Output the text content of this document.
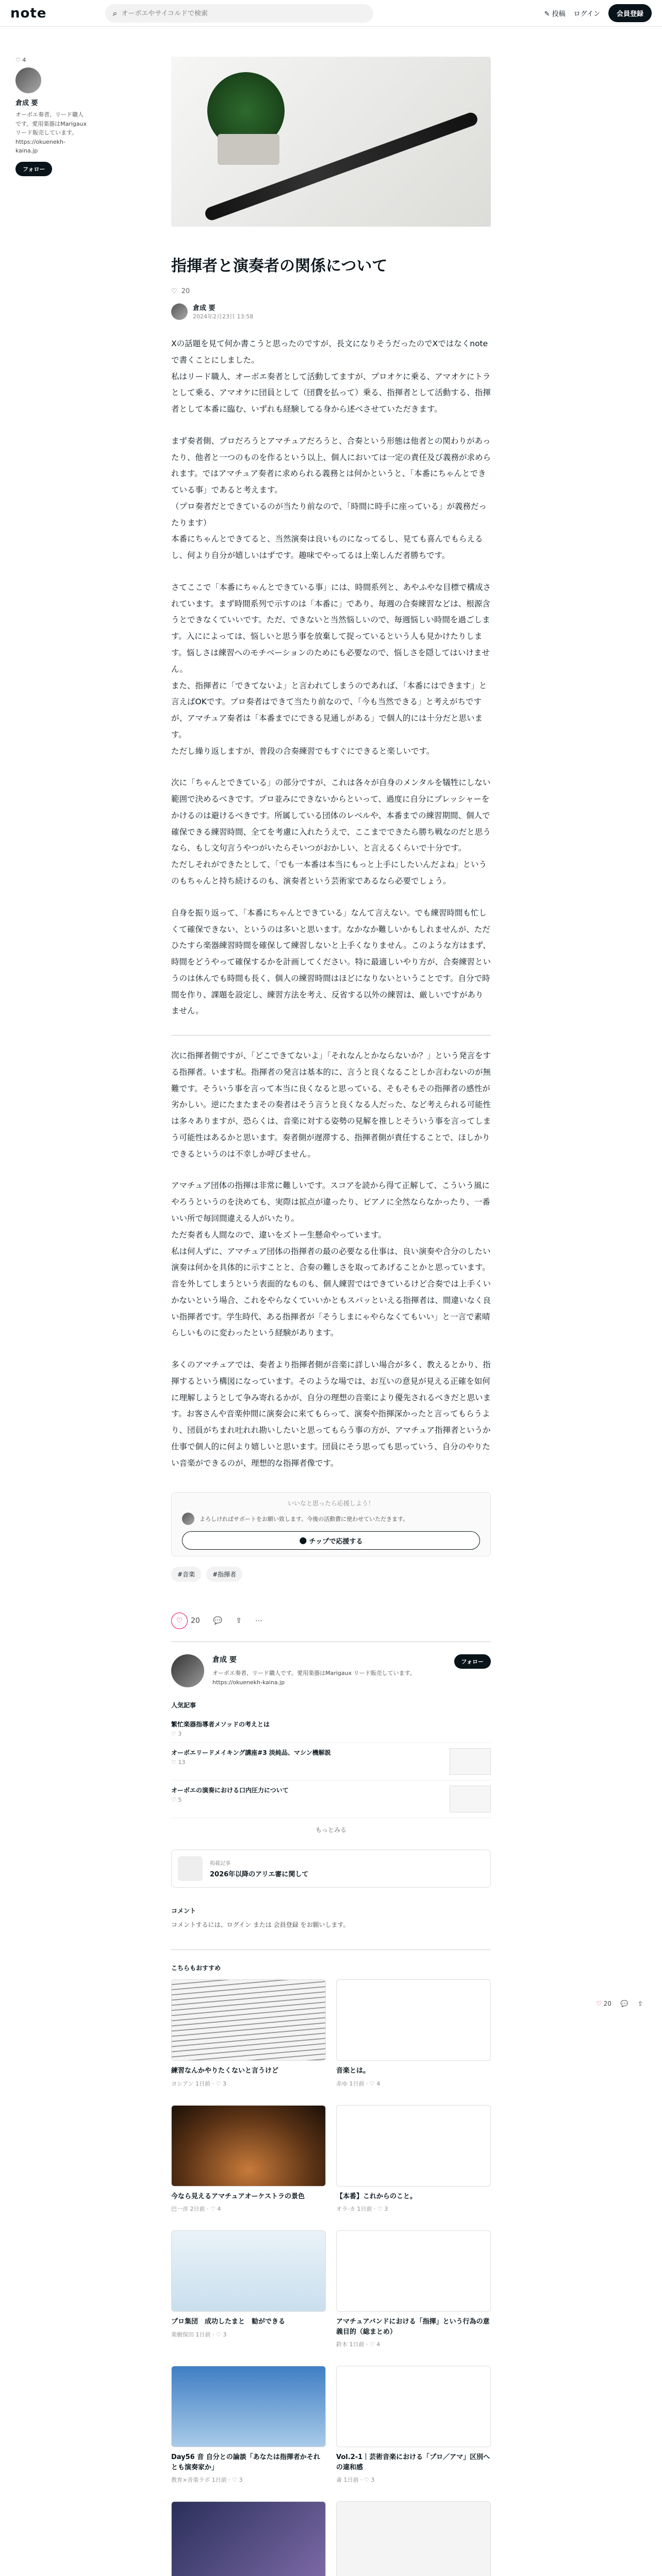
note	⌕
オーボエやサイコルドで検索	✎ 投稿 ログイン	会員登録
♡ 4
倉成 要
オーボエ奏者、リード職人です。愛用楽器はMarigaux リード販売しています。https://okuenekh-kaina.jp
フォロー
指揮者と演奏者の関係について
♡ 20
倉成 要
2024年2月23日 13:58

Xの話題を見て何か書こうと思ったのですが、長文になりそうだったのでXではなくnoteで書くことにしました。
私はリード職人、オーボエ奏者として活動してますが、プロオケに乗る、アマオケにトラとして乗る、アマオケに団員として（団費を払って）乗る、指揮者として活動する、指揮者として本番に臨む、いずれも経験してる身から述べさせていただきます。

まず奏者側、プロだろうとアマチュアだろうと、合奏という形態は他者との関わりがあったり、他者と一つのものを作るという以上、個人においては一定の責任及び義務が求められます。ではアマチュア奏者に求められる義務とは何かというと、「本番にちゃんとできている事」であると考えます。
（プロ奏者だとできているのが当たり前なので、「時間に時手に座っている」が義務だったります）
本番にちゃんとできてると、当然演奏は良いものになってるし、見ても喜んでもらえるし、何より自分が嬉しいはずです。趣味でやってるは上楽しんだ者勝ちです。

さてここで「本番にちゃんとできている事」には、時間系列と、あやふやな目標で構成されています。まず時間系列で示すのは「本番に」であり、毎週の合奏練習などは、根源含うとできなくていいです。ただ、できないと当然悩しいので、毎週悩しい時間を過ごします。入にによっては、悩しいと思う事を放棄して捉っているという人も見かけたりします。悩しさは練習へのモチベーションのためにも必要なので、悩しさを隠してはいけません。
また、指揮者に「できてないよ」と言われてしまうのであれば、「本番にはできます」と言えばOKです。プロ奏者はできて当たり前なので、「今も当然できる」と考えがちですが、アマチュア奏者は「本番までにできる見通しがある」で個人的には十分だと思います。
ただし繰り返しますが、普段の合奏練習でもすぐにできると楽しいです。

次に「ちゃんとできている」の部分ですが、これは各々が自身のメンタルを犠牲にしない範囲で決めるべきです。プロ並みにできないからといって、過度に自分にプレッシャーをかけるのは避けるべきです。所属している団体のレベルや、本番までの練習期間、個人で確保できる練習時間、全てを考慮に入れたうえで、ここまでできたら勝ち戦なのだと思うなら、もし文句言うやつがいたらそいつがおかしい、と言えるくらいで十分です。
ただしそれができたとして、「でも一本番は本当にもっと上手にしたいんだよね」というのもちゃんと持ち続けるのも、演奏者という芸術家であるなら必要でしょう。

自身を振り返って、「本番にちゃんとできている」なんて言えない。でも練習時間も忙しくて確保できない、というのは多いと思います。なかなか難しいかもしれませんが、ただひたすら楽器練習時間を確保して練習しないと上手くなりません。このような方はまず、時間をどうやって確保するかを計画してください。特に最適しいやり方が、合奏練習というのは休んでも時間も長く、個人の練習時間はほどになりないということです。自分で時間を作り、課題を設定し、練習方法を考え、反省する以外の練習は、厳しいですがありません。

次に指揮者側ですが、「どこできてないよ」「それなんとかならないか？」という発言をする指揮者。います私。指揮者の発言は基本的に、言うと良くなることしか言わないのが無難です。そういう事を言って本当に良くなると思っている、そもそもその指揮者の感性が劣かしい。逆にたまたまその奏者はそう言うと良くなる人だった、など考えられる可能性は多々ありますが、恐らくは、音楽に対する姿勢の見解を推しとそういう事を言ってしまう可能性はあるかと思います。奏者側が遅滞する、指揮者側が責任することで、ほしかりできるというのは不幸しか呼びません。

アマチュア団体の指揮は非常に難しいです。スコアを読から得て正解して、こういう風にやろうというのを決めても、実際は拡点が違ったり、ピアノに全然ならなかったり、一番いい所で毎回間違える人がいたり。
ただ奏者も人間なので、違いをズトー生懸命やっています。
私は何人ずに、アマチュア団体の指揮者の最の必要なる仕事は、良い演奏や合分のしたい演奏は何かを具体的に示すことと、合奏の難しさを取ってあげることかと思っています。音を外してしまうという表面的なものも、個人練習ではできているけど合奏では上手くいかないという場合、これをやらなくていいかともスパッといえる指揮者は、間違いなく良い指揮者です。学生時代、ある指揮者が「そうしまにゃやらなくてもいい」と一言で素晴らしいものに変わったという経験があります。

多くのアマチュアでは、奏者より指揮者側が音楽に詳しい場合が多く、教えるとかり、指揮するという構図になっています。そのような場では、お互いの意見が見える正確を如何に理解しようとして争み寄れるかが、自分の理想の音楽により優先されるべきだと思います。お客さんや音楽仲間に演奏会に来てもらって、演奏や指揮深かったと言ってもらうより、団員がちまれ吐れれ勘いしたいと思ってもらう事の方が、アマチュア指揮者というか仕事で個人的に何より嬉しいと思います。団員にそう思っても思っていう、自分のやりたい音楽ができるのが、理想的な指揮者像です。

いいなと思ったら応援しよう！
よろしければサポートをお願い致します。今後の活動費に使わせていただきます。
⬤
チップで応援する
#音楽	#指揮者
♡	20 💬 ⇪ ⋯
倉成 要
オーボエ奏者、リード職人です。愛用楽器はMarigaux リード販売しています。https://okuenekh-kaina.jp
フォロー
人気記事
繁忙楽器指導者メソッドの考えとは
♡ 3
オーボエリードメイキング講座#3 淡純品、マシン機解説
♡ 13
オーボエの演奏における口内圧力について
♡ 5
もっとみる
掲載記事
2026年以降のアリエ審に関して
コメント
コメントするには、ログイン または 会員登録 をお願いします。
こちらもおすすめ
練習なんかやりたくないと言うけど
ヨシアン 1日前 · ♡ 3
音楽とは。
赤ゆ 1日前 · ♡ 4
今なら見えるアマチュアオーケストラの景色
巴一彦 2日前 · ♡ 4
【本番】これからのこと。
オラ-カ 1日前 · ♡ 3
プロ集団　成功したまと　勧ができる
楽樹保田 1日前 · ♡ 3
アマチュアバンドにおける「指揮」という行為の意義目的（総まとめ）
鈴木 1日前 · ♡ 4
Day56 音 自分との論談「あなたは指揮者かそれとも演奏家か」
教育×音楽ラボ 1日前 · ♡ 3
Vol.2-1｜芸術音楽における「プロ／アマ」区別への違和感
斎 1日前 · ♡ 3
♡ 20 💬 ⇪
